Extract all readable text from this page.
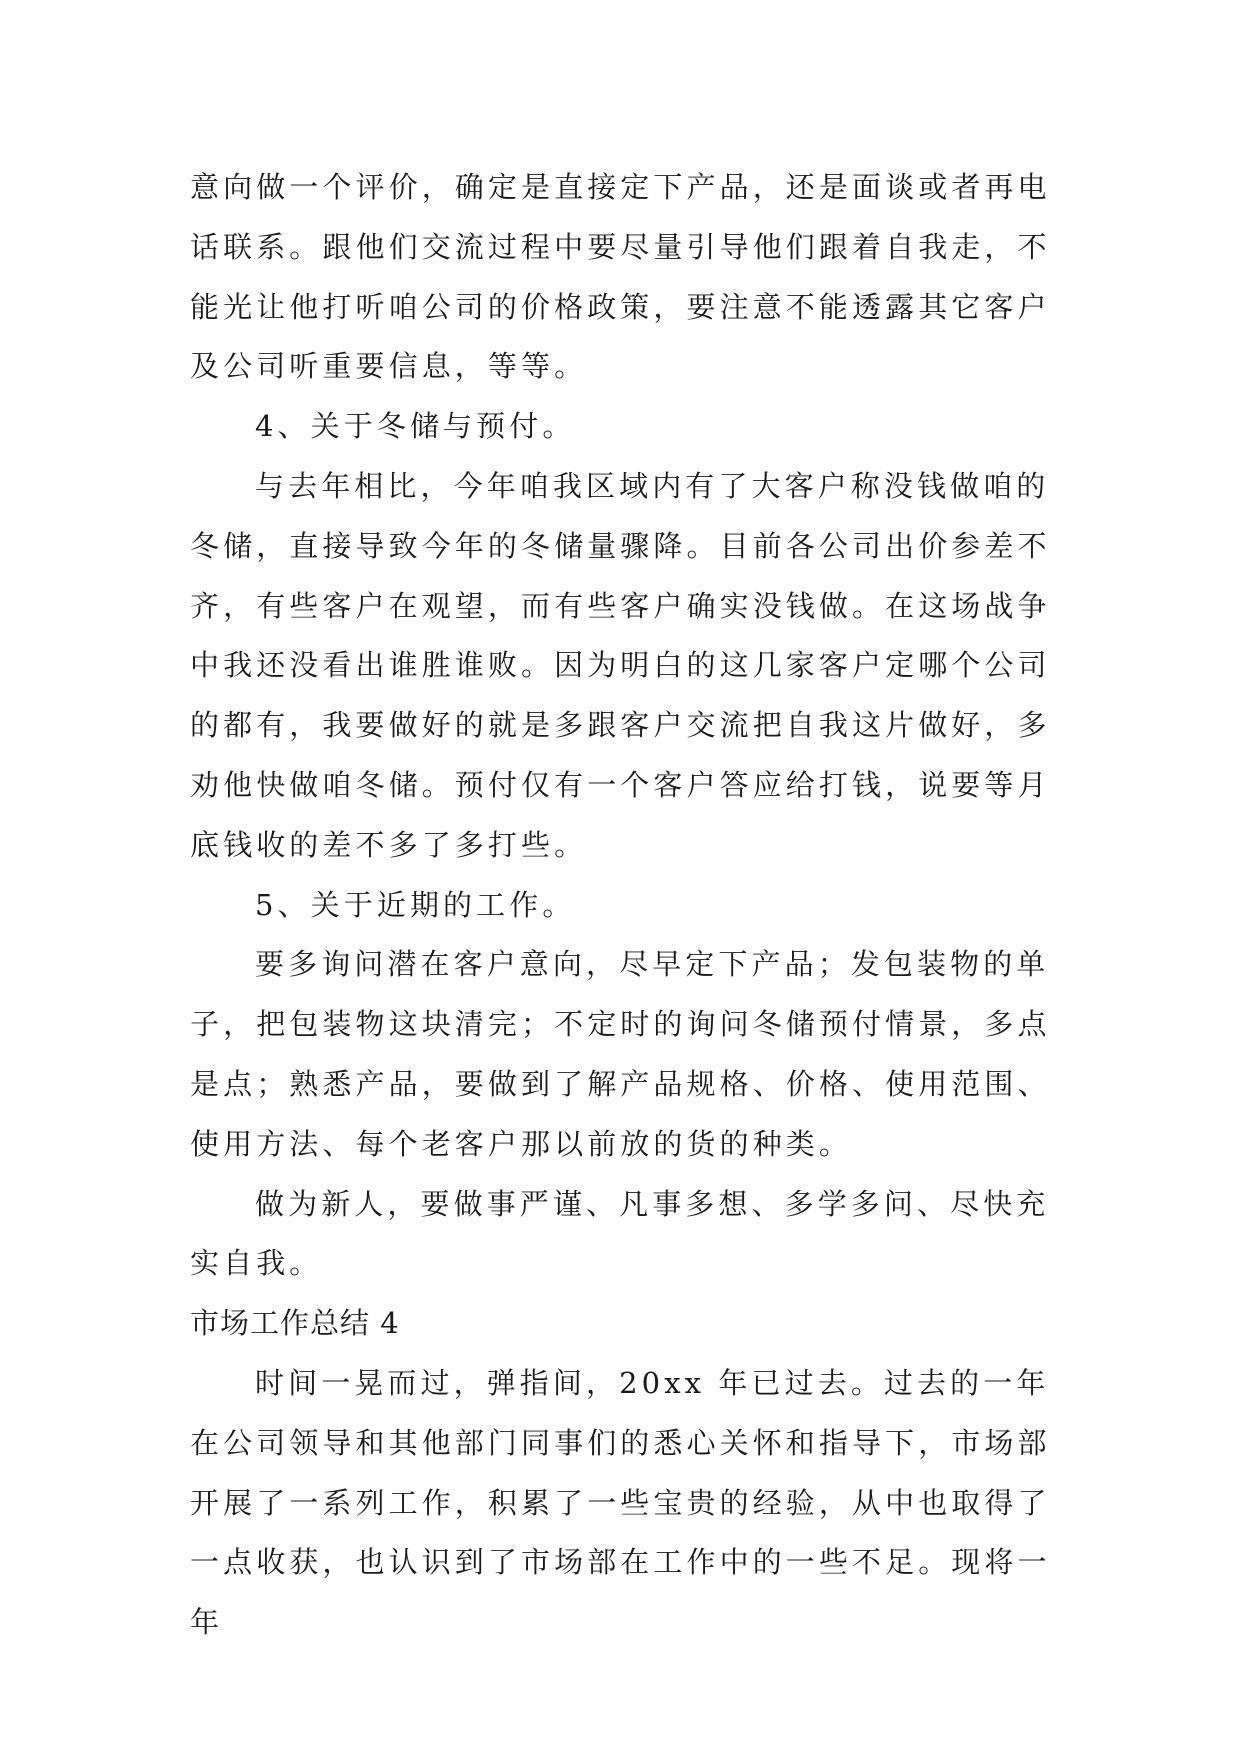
意向做一个评价，确定是直接定下产品，还是面谈或者再电话联系。跟他们交流过程中要尽量引导他们跟着自我走，不能光让他打听咱公司的价格政策，要注意不能透露其它客户及公司听重要信息，等等。

4、关于冬储与预付。

与去年相比，今年咱我区域内有了大客户称没钱做咱的冬储，直接导致今年的冬储量骤降。目前各公司出价参差不齐，有些客户在观望，而有些客户确实没钱做。在这场战争中我还没看出谁胜谁败。因为明白的这几家客户定哪个公司的都有，我要做好的就是多跟客户交流把自我这片做好，多劝他快做咱冬储。预付仅有一个客户答应给打钱，说要等月底钱收的差不多了多打些。

5、关于近期的工作。

要多询问潜在客户意向，尽早定下产品；发包装物的单子，把包装物这块清完；不定时的询问冬储预付情景，多点是点；熟悉产品，要做到了解产品规格、价格、使用范围、使用方法、每个老客户那以前放的货的种类。

做为新人，要做事严谨、凡事多想、多学多问、尽快充实自我。

市场工作总结 4

时间一晃而过，弹指间，20xx 年已过去。过去的一年在公司领导和其他部门同事们的悉心关怀和指导下，市场部开展了一系列工作，积累了一些宝贵的经验，从中也取得了一点收获，也认识到了市场部在工作中的一些不足。现将一年
